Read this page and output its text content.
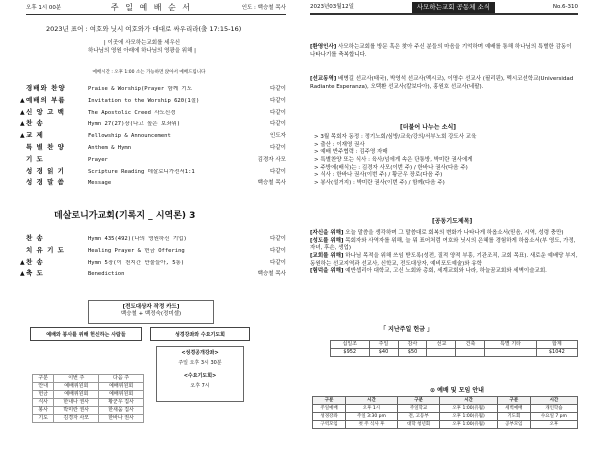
오후 1시 00분	주 일 예 배 순 서	인도 : 백승철 목사
2023년 표어 : 여호와 닛시 여호와가 대대로 싸우리라(출 17:15-16)
| 이곳에 사모하는교회를 세우신
하나님의 영원 아래에 하나님의 영광을 위해 |
예배시간 : 오후 1:00 소는 가능하면 앉아서 예배드립니다
경배와 찬양	Praise & Worship(Prayer 함께 기도	다같이
▲ 예배의 부름	Invitation to the Worship 620(1절)	다같이
▲ 신 앙 고 백	The Apostolic Creed 사도신경	다같이
▲ 찬 송	Hymn 27(27)장(나고 높은 보좌위)	다같이
▲ 교 제	Fellowship & Announcement	인도자
특 별 찬 양	Anthem & Hymn	다같이
기 도	Prayer	김경자 사모
성 경 읽 기	Scripture Reading 데살로니가전서1:1	다같이
성 경 말 씀	Message	백승철 목사
데살로니가교회(기록지 _ 시역론) 3
찬 송	Hymn 435(492)(나의 영원하신 기업)	다같이
치 유 기 도	Healing Prayer & 헌금 Offering	다같이
▲ 찬 송	Hymn 5장(이 천지간 만물들아, 5통)	다같이
▲ 축 도	Benediction	백승철 목사
[전도대상자 작정 카드]
백승철 + 백정숙(정미셀)
예배와 봉사를 위해 헌신하는 사람들	성경강좌와 수요기도회
구분	이번 주	다음 주
안내	예배위원회	예배위원회
헌금	예배위원회	예배위원회
식사	한내나 권사	황군우 집사
봉사	박미란 권사	한새움 집사
기도	김경자 사모	한바나 권사
<성경공개강좌>
주일 오후 3시 30분
<수요기도회>
오후 7시
2023년03월12일	사모하는교회 공동체 소식	No.6-310
[환영인사] 사모하는교회를 방문 혹은 찾아 주신 분들의 마음을 기억하며 예배를 통해 하나님의 특별한 감동이 나타나기를 축복합니다.
[선교동역] 배병길 선교사(태국), 박영석 선교사(멕시코), 이명수 선교사 (필리핀), 멕시코선학교(Universidad Radiante Esperanza), 오택환 선교사(칼보다아), 홍원호 선교사(네팔).
[더불어 나누는 소식]
> 3월 목회자 동정 : 정기노회/심방/교육/강의/서부노회 강도사 교육
> 출산 : 이재영 권사
> 예배 반주협력 : 김주영 자매
> 특별찬양 또는 식사 : 육사/넘에게 속은 단통방, 박미란 권사에게
> 주방에(배식)는 : 김경자 사모(이번 주) / 한바나 권사(다음 주)
> 식사 : 한바나 권사(이번 주) / 황군우 장로(다음 주)
> 봉사(설거지) : 박미란 권사(이번 주) / 함께(다음 주)
[공동기도제목]
[자신을 위해] 오늘 말씀을 생각하며 그 말씀대로 회복의 변화가 나타나게 하옵소서(믿음, 시역, 성령 충만)
[성도를 위해] 목회자와 사역자를 위해, 늘 뭐 표어처럼 여호와 닛시의 은혜를 경험하게 하옵소서(부 영도, 가정, 자녀, 후손, 생업)
[교회를 위해] 하나님 목적을 위해 쓰임 받도록(성전, 질적 양적 부흥, 기관조직, 교회 목표). 새로운 예배당 부지, 동원하는 선교지역과 선교사, 신학교, 전도대상자, 예비포도예술)와 유학
[험덕을 위해] 예반셉리아 대학교, 고신 노회와 총회, 세계교회와 나라, 하늘꿈교회와 세벽이슬교회.
「 지난주일 헌금 」
십일조	주일	감사	선교	건축	특별 기타	합계
$952	$40	$50				$1042
⊙ 예배 및 모임 안내
구분	시간	구분	시간	구분	시간
주일예배	오후 1시	주일학교	오후 1:00(유월)	세벽예배	개인학습
성경강좌	주일 3:30 pm	전, 고등부	오후 1:00(유월)	기도회	수요일 7 pm
구역모임	첫 주 식사 후	대학 청년회	오후 1:00(유월)	공부모임	오후
